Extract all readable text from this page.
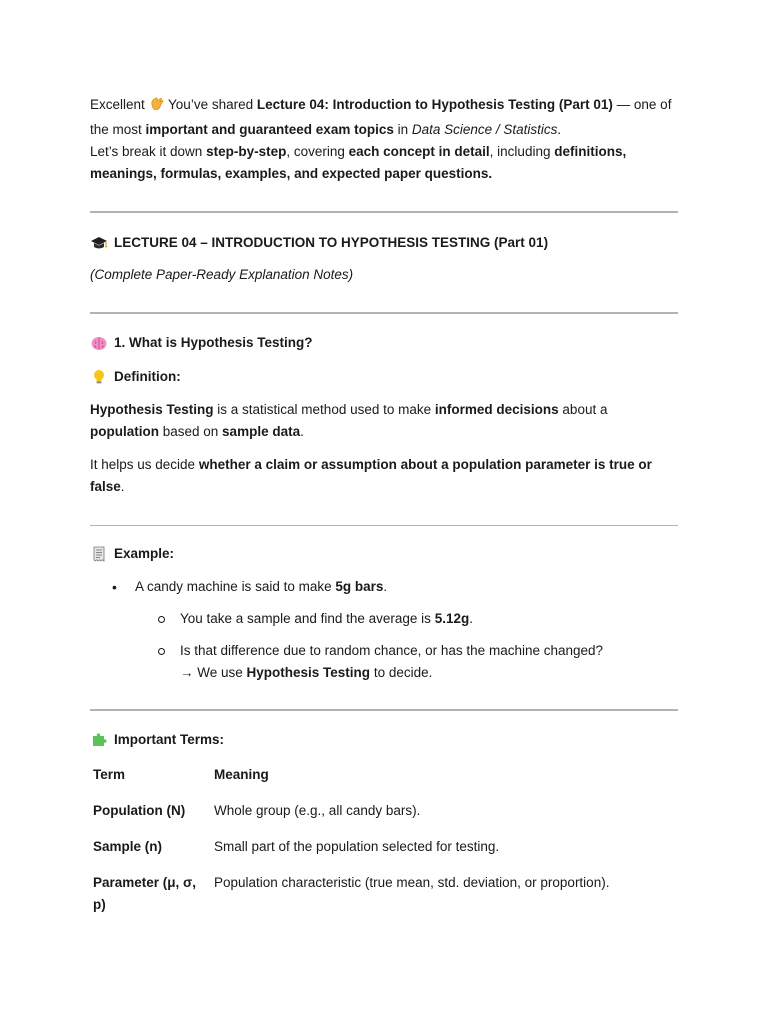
Excellent  You’ve shared Lecture 04: Introduction to Hypothesis Testing (Part 01) — one of the most important and guaranteed exam topics in Data Science / Statistics.

Let’s break it down step-by-step, covering each concept in detail, including definitions, meanings, formulas, examples, and expected paper questions.

LECTURE 04 – INTRODUCTION TO HYPOTHESIS TESTING (Part 01)

(Complete Paper-Ready Explanation Notes)

1. What is Hypothesis Testing?
Definition:

Hypothesis Testing is a statistical method used to make informed decisions about a population based on sample data.

It helps us decide whether a claim or assumption about a population parameter is true or false.

Example:
• A candy machine is said to make 5g bars.
You take a sample and find the average is 5.12g.
Is that difference due to random chance, or has the machine changed?
→ We use Hypothesis Testing to decide.
Important Terms:
Term	Meaning

Population (N)	Whole group (e.g., all candy bars).

Sample (n)	Small part of the population selected for testing.

Parameter (μ, σ, p)	Population characteristic (true mean, std. deviation, or proportion).
